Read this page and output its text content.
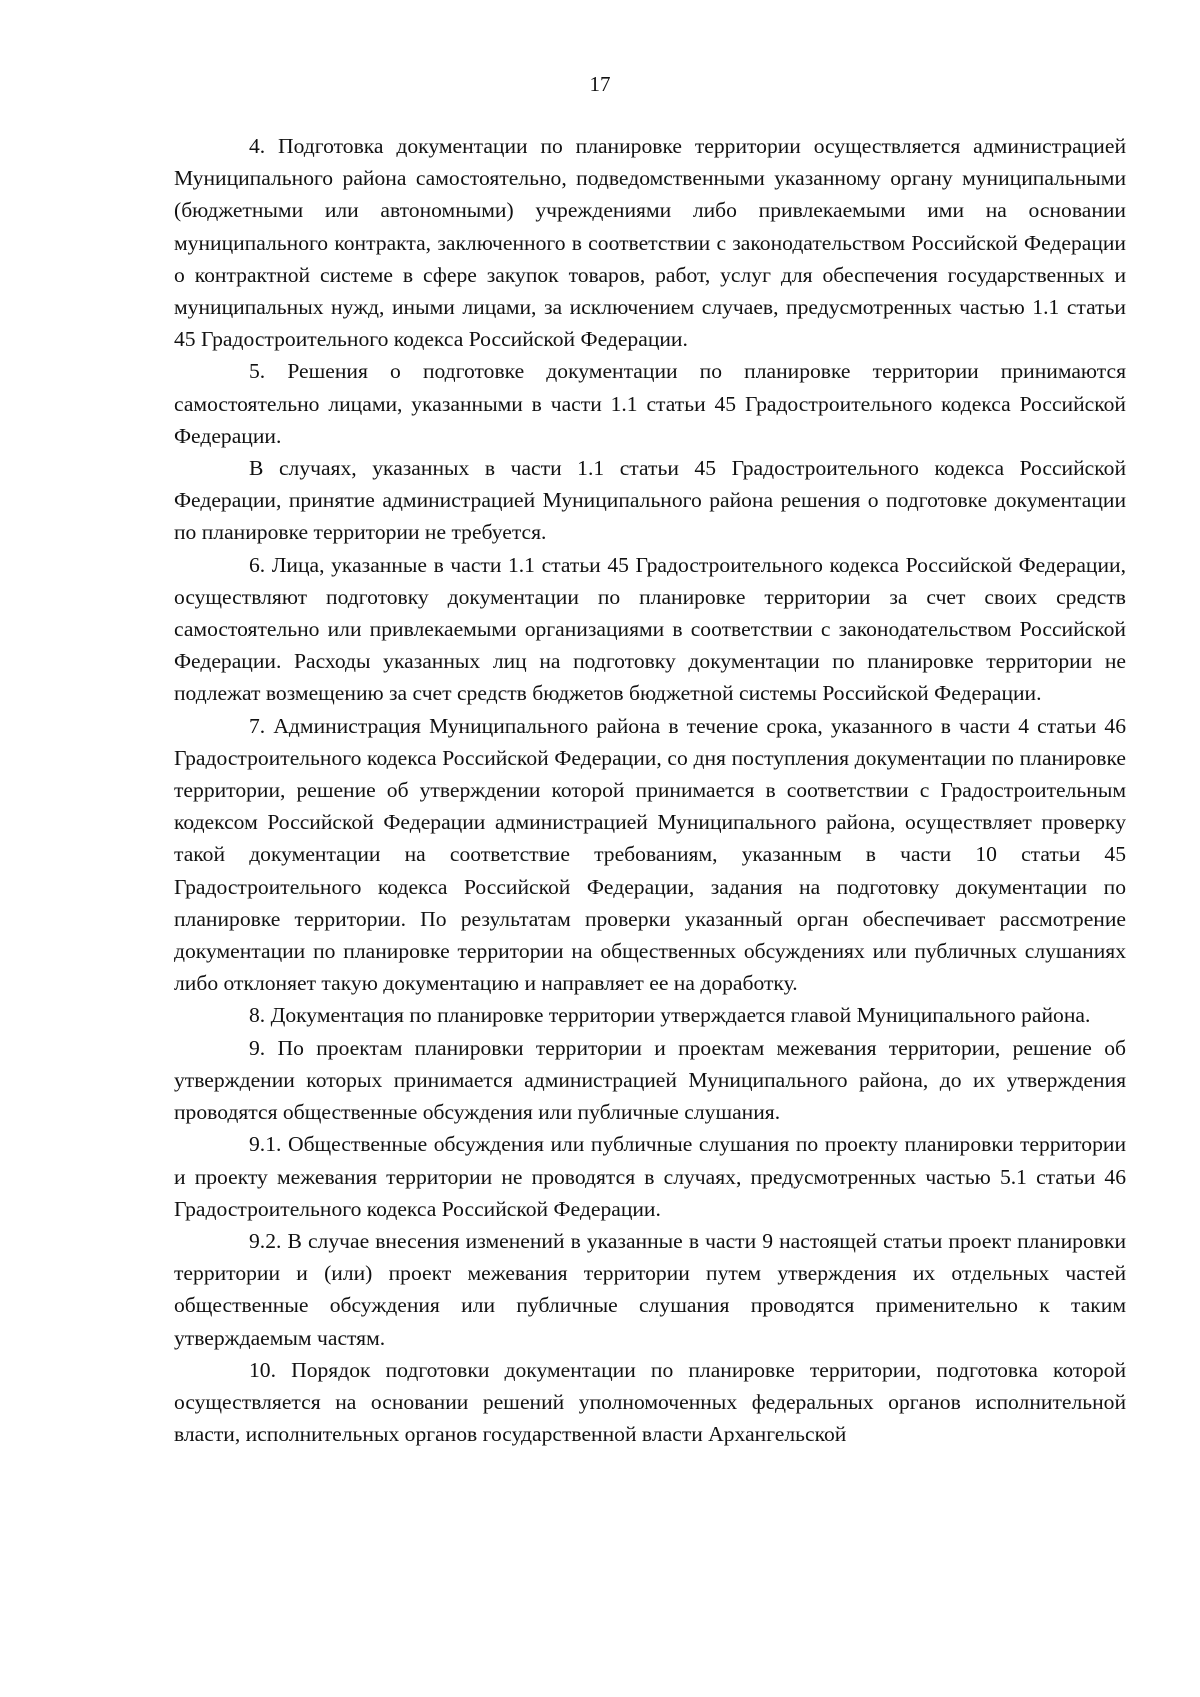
17

4. Подготовка документации по планировке территории осуществляется администрацией Муниципального района самостоятельно, подведомственными указанному органу муниципальными (бюджетными или автономными) учреждениями либо привлекаемыми ими на основании муниципального контракта, заключенного в соответствии с законодательством Российской Федерации о контрактной системе в сфере закупок товаров, работ, услуг для обеспечения государственных и муниципальных нужд, иными лицами, за исключением случаев, предусмотренных частью 1.1 статьи 45 Градостроительного кодекса Российской Федерации.

5. Решения о подготовке документации по планировке территории принимаются самостоятельно лицами, указанными в части 1.1 статьи 45 Градостроительного кодекса Российской Федерации.

В случаях, указанных в части 1.1 статьи 45 Градостроительного кодекса Российской Федерации, принятие администрацией Муниципального района решения о подготовке документации по планировке территории не требуется.

6. Лица, указанные в части 1.1 статьи 45 Градостроительного кодекса Российской Федерации, осуществляют подготовку документации по планировке территории за счет своих средств самостоятельно или привлекаемыми организациями в соответствии с законодательством Российской Федерации. Расходы указанных лиц на подготовку документации по планировке территории не подлежат возмещению за счет средств бюджетов бюджетной системы Российской Федерации.

7. Администрация Муниципального района в течение срока, указанного в части 4 статьи 46 Градостроительного кодекса Российской Федерации, со дня поступления документации по планировке территории, решение об утверждении которой принимается в соответствии с Градостроительным кодексом Российской Федерации администрацией Муниципального района, осуществляет проверку такой документации на соответствие требованиям, указанным в части 10 статьи 45 Градостроительного кодекса Российской Федерации, задания на подготовку документации по планировке территории. По результатам проверки указанный орган обеспечивает рассмотрение документации по планировке территории на общественных обсуждениях или публичных слушаниях либо отклоняет такую документацию и направляет ее на доработку.

8. Документация по планировке территории утверждается главой Муниципального района.

9. По проектам планировки территории и проектам межевания территории, решение об утверждении которых принимается администрацией Муниципального района, до их утверждения проводятся общественные обсуждения или публичные слушания.

9.1. Общественные обсуждения или публичные слушания по проекту планировки территории и проекту межевания территории не проводятся в случаях, предусмотренных частью 5.1 статьи 46 Градостроительного кодекса Российской Федерации.

9.2. В случае внесения изменений в указанные в части 9 настоящей статьи проект планировки территории и (или) проект межевания территории путем утверждения их отдельных частей общественные обсуждения или публичные слушания проводятся применительно к таким утверждаемым частям.

10. Порядок подготовки документации по планировке территории, подготовка которой осуществляется на основании решений уполномоченных федеральных органов исполнительной власти, исполнительных органов государственной власти Архангельской
